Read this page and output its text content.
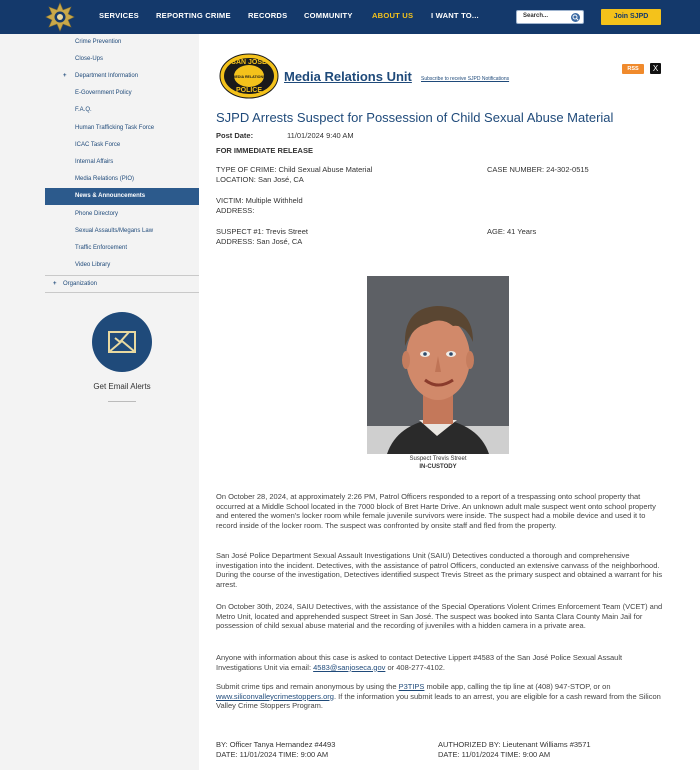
SERVICES REPORTING CRIME RECORDS COMMUNITY	ABOUT US I WANT TO...	Search...	Join SJPD
Crime Prevention
Close-Ups
+ Department Information
E-Government Policy
F.A.Q.
Human Trafficking Task Force
ICAC Task Force
Internal Affairs
Media Relations (PIO)
News & Announcements
Phone Directory
Sexual Assaults/Megans Law
Traffic Enforcement
Video Library
+ Organization
Get Email Alerts
SAN JOSE
MEDIA RELATIONS
POLICE
Media Relations Unit Subscribe to receive SJPD Notifications
RSS	X
SJPD Arrests Suspect for Possession of Child Sexual Abuse Material
Post Date:	11/01/2024 9:40 AM
FOR IMMEDIATE RELEASE
TYPE OF CRIME: Child Sexual Abuse Material
LOCATION: San José, CA
CASE NUMBER: 24-302-0515
VICTIM: Multiple Withheld
ADDRESS:
SUSPECT #1: Trevis Street
ADDRESS: San José, CA
AGE: 41 Years
Suspect Trevis Street
IN-CUSTODY
On October 28, 2024, at approximately 2:26 PM, Patrol Officers responded to a report of a trespassing onto school property that occurred at a Middle School located in the 7000 block of Bret Harte Drive. An unknown adult male suspect went onto school property and entered the women's locker room while female juvenile survivors were inside. The suspect had a mobile device and used it to record inside of the locker room. The suspect was confronted by onsite staff and fled from the property.
San José Police Department Sexual Assault Investigations Unit (SAIU) Detectives conducted a thorough and comprehensive investigation into the incident. Detectives, with the assistance of patrol Officers, conducted an extensive canvass of the neighborhood. During the course of the investigation, Detectives identified suspect Trevis Street as the primary suspect and obtained a warrant for his arrest.
On October 30th, 2024, SAIU Detectives, with the assistance of the Special Operations Violent Crimes Enforcement Team (VCET) and Metro Unit, located and apprehended suspect Street in San José. The suspect was booked into Santa Clara County Main Jail for possession of child sexual abuse material and the recording of juveniles with a hidden camera in a private area.
Anyone with information about this case is asked to contact Detective Lippert #4583 of the San José Police Sexual Assault Investigations Unit via email: 4583@sanjoseca.gov or 408-277-4102.
Submit crime tips and remain anonymous by using the P3TIPS mobile app, calling the tip line at (408) 947-STOP, or on www.siliconvalleycrimestoppers.org. If the information you submit leads to an arrest, you are eligible for a cash reward from the Silicon Valley Crime Stoppers Program.
BY: Officer Tanya Hernandez #4493
DATE: 11/01/2024 TIME: 9:00 AM
AUTHORIZED BY: Lieutenant Williams #3571
DATE: 11/01/2024 TIME: 9:00 AM
